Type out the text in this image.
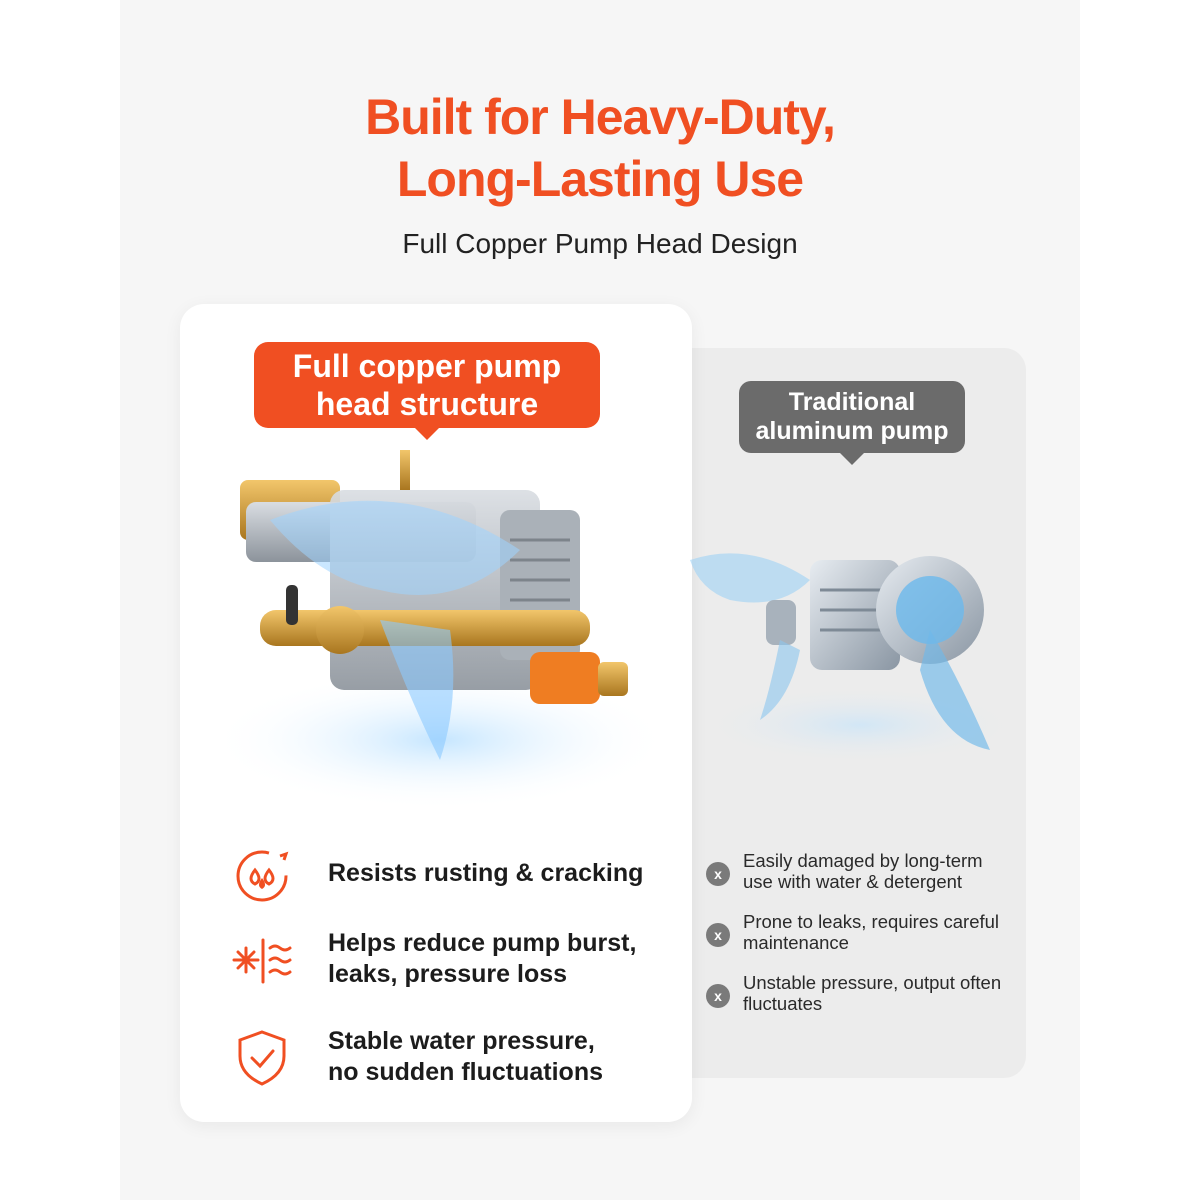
Built for Heavy-Duty,
Long-Lasting Use
Full Copper Pump Head Design
Full copper pump
head structure	Traditional
aluminum pump
Resists rusting & cracking
Helps reduce pump burst,
leaks, pressure loss
Stable water pressure,
no sudden fluctuations
x
Easily damaged by long-term
use with water & detergent
x
Prone to leaks, requires careful
maintenance
x
Unstable pressure, output often
fluctuates
